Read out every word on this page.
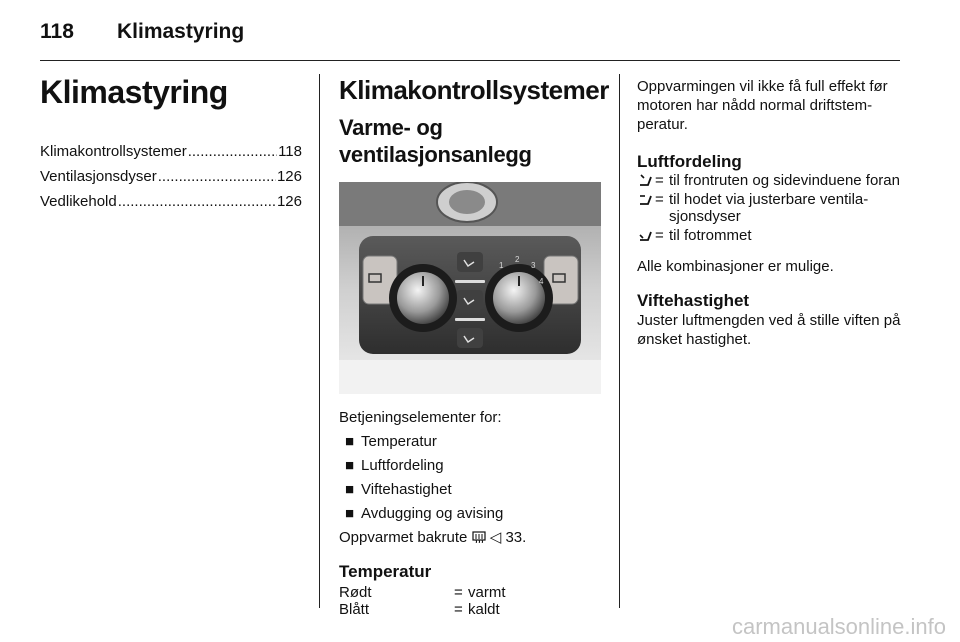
118 Klimastyring
Klimastyring
Klimakontrollsystemer .....	118
Ventilasjonsdyser .....	126
Vedlikehold .....	126
Klimakontrollsystemer
Varme- og ventilasjonsanlegg
1
2
3
4
Betjeningselementer for:
■ Temperatur
■ Luftfordeling
■ Viftehastighet
■ Avdugging og avising
Oppvarmet bakrute ◁ 33.
Temperatur
Rødt	= varmt
Blått	= kaldt
Oppvarmingen vil ikke få full effekt før motoren har nådd normal driftstemperatur.
Luftfordeling
= til frontruten og sidevinduene foran
= til hodet via justerbare ventilasjonsdyser
= til fotrommet
Alle kombinasjoner er mulige.
Viftehastighet
Juster luftmengden ved å stille viften på ønsket hastighet.
carmanualsonline.info
